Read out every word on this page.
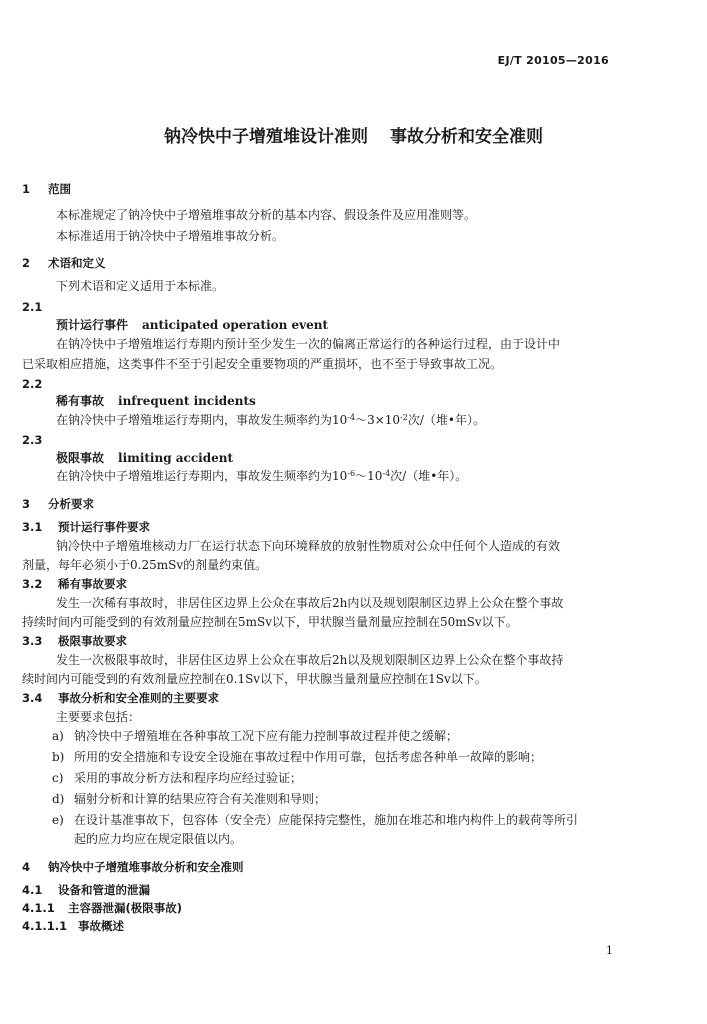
EJ/T 20105—2016
钠冷快中子增殖堆设计准则 事故分析和安全准则
1 范围
本标准规定了钠冷快中子增殖堆事故分析的基本内容、假设条件及应用准则等。
本标准适用于钠冷快中子增殖堆事故分析。
2 术语和定义
下列术语和定义适用于本标准。
2.1
预计运行事件 anticipated operation event
在钠冷快中子增殖堆运行寿期内预计至少发生一次的偏离正常运行的各种运行过程，由于设计中
已采取相应措施，这类事件不至于引起安全重要物项的严重损坏，也不至于导致事故工况。
2.2
稀有事故 infrequent incidents
在钠冷快中子增殖堆运行寿期内，事故发生频率约为$10^{-4}\sim 3\times 10^{-2}$次/（堆•年）。
2.3
极限事故 limiting accident
在钠冷快中子增殖堆运行寿期内，事故发生频率约为$10^{-6}\sim 10^{-4}$次/（堆•年）。
3 分析要求
3.1 预计运行事件要求
钠冷快中子增殖堆核动力厂在运行状态下向环境释放的放射性物质对公众中任何个人造成的有效
剂量，每年必须小于0.25mSv的剂量约束值。
3.2 稀有事故要求
发生一次稀有事故时，非居住区边界上公众在事故后2h内以及规划限制区边界上公众在整个事故
持续时间内可能受到的有效剂量应控制在5mSv以下，甲状腺当量剂量应控制在50mSv以下。
3.3 极限事故要求
发生一次极限事故时，非居住区边界上公众在事故后2h以及规划限制区边界上公众在整个事故持
续时间内可能受到的有效剂量应控制在0.1Sv以下，甲状腺当量剂量应控制在1Sv以下。
3.4 事故分析和安全准则的主要要求
主要要求包括：
a) 钠冷快中子增殖堆在各种事故工况下应有能力控制事故过程并使之缓解；
b) 所用的安全措施和专设安全设施在事故过程中作用可靠，包括考虑各种单一故障的影响；
c) 采用的事故分析方法和程序均应经过验证；
d) 辐射分析和计算的结果应符合有关准则和导则；
e) 在设计基准事故下，包容体（安全壳）应能保持完整性，施加在堆芯和堆内构件上的载荷等所引
起的应力均应在规定限值以内。
4 钠冷快中子增殖堆事故分析和安全准则
4.1 设备和管道的泄漏
4.1.1 主容器泄漏(极限事故)
4.1.1.1 事故概述
1
